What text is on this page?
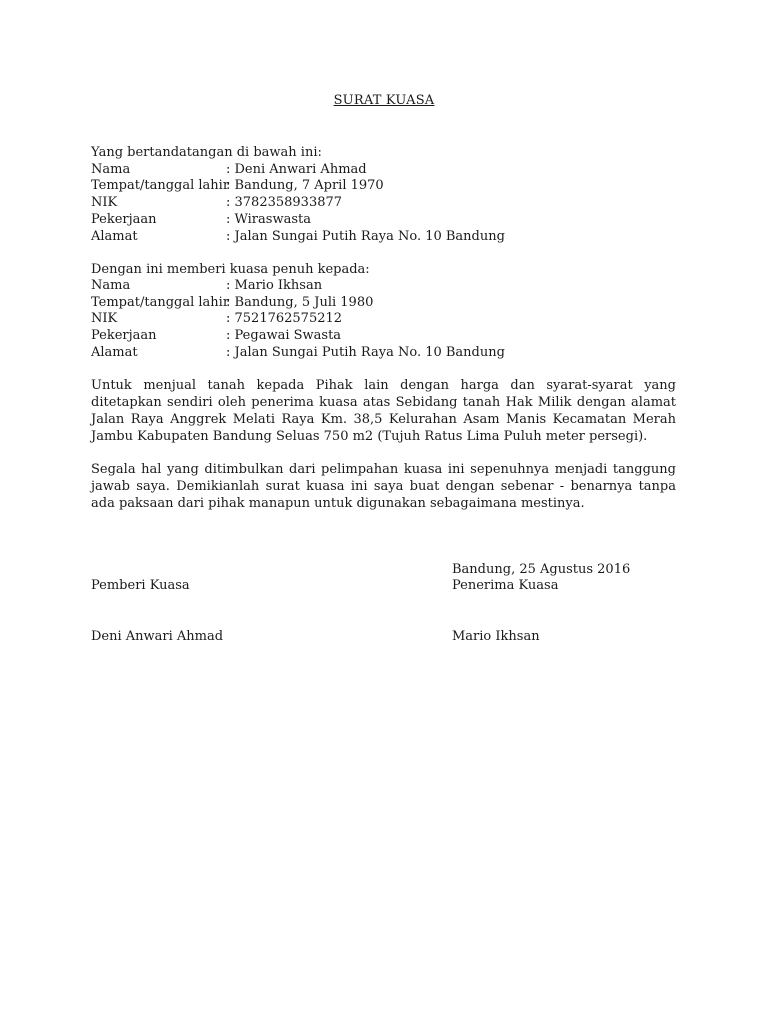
SURAT KUASA
Yang bertandatangan di bawah ini:
Nama	: Deni Anwari Ahmad
Tempat/tanggal lahir: Bandung, 7 April 1970
NIK	: 3782358933877
Pekerjaan	: Wiraswasta
Alamat	: Jalan Sungai Putih Raya No. 10 Bandung
Dengan ini memberi kuasa penuh kepada:
Nama	: Mario Ikhsan
Tempat/tanggal lahir: Bandung, 5 Juli 1980
NIK	: 7521762575212
Pekerjaan	: Pegawai Swasta
Alamat	: Jalan Sungai Putih Raya No. 10 Bandung
Untuk menjual tanah kepada Pihak lain dengan harga dan syarat-syarat yang ditetapkan sendiri oleh penerima kuasa atas Sebidang tanah Hak Milik dengan alamat Jalan Raya Anggrek Melati Raya Km. 38,5 Kelurahan Asam Manis Kecamatan Merah Jambu Kabupaten Bandung Seluas 750 m2 (Tujuh Ratus Lima Puluh meter persegi).
Segala hal yang ditimbulkan dari pelimpahan kuasa ini sepenuhnya menjadi tanggung jawab saya. Demikianlah surat kuasa ini saya buat dengan sebenar - benarnya tanpa ada paksaan dari pihak manapun untuk digunakan sebagaimana mestinya.
Bandung, 25 Agustus 2016
Pemberi Kuasa	Penerima Kuasa
Deni Anwari Ahmad	Mario Ikhsan
